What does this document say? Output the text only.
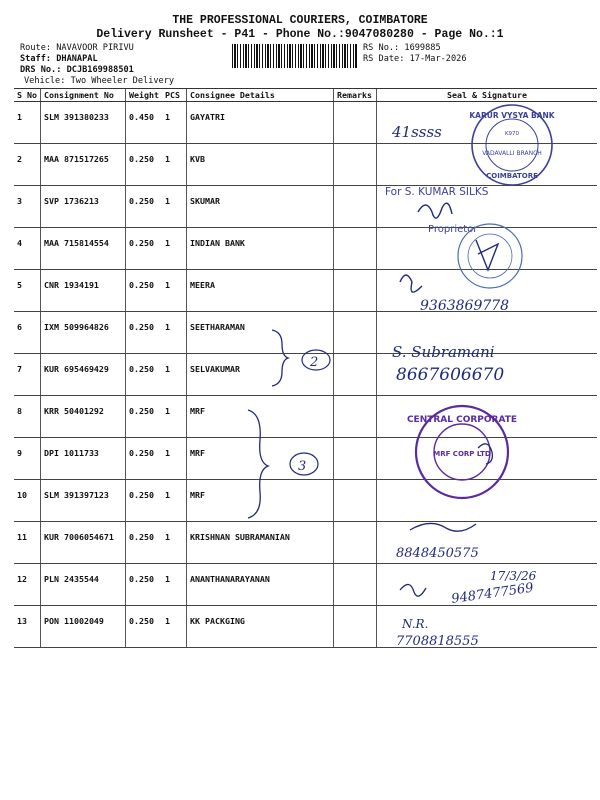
THE PROFESSIONAL COURIERS, COIMBATORE
Delivery Runsheet - P41 - Phone No.:9047080280 - Page No.:1
Route: NAVAVOOR PIRIVU
Staff: DHANAPAL
DRS No.: DCJB169988501
Vehicle: Two Wheeler Delivery
RS No.: 1699885
RS Date: 17-Mar-2026
S No	Consignment No	Weight	PCS	Consignee Details	Remarks	Seal & Signature
1	SLM 391380233	0.450	1	GAYATRI		
2	MAA 871517265	0.250	1	KVB		
3	SVP 1736213	0.250	1	SKUMAR		
4	MAA 715814554	0.250	1	INDIAN BANK		
5	CNR 1934191	0.250	1	MEERA		
6	IXM 509964826	0.250	1	SEETHARAMAN		
7	KUR 695469429	0.250	1	SELVAKUMAR		
8	KRR 50401292	0.250	1	MRF		
9	DPI 1011733	0.250	1	MRF		
10	SLM 391397123	0.250	1	MRF		
11	KUR 7006054671	0.250	1	KRISHNAN SUBRAMANIAN		
12	PLN 2435544	0.250	1	ANANTHANARAYANAN		
13	PON 11002049	0.250	1	KK PACKGING		
41ssss
KARUR VYSYA BANK
K970
VADAVALLI BRANCH
COIMBATORE
For S. KUMAR SILKS
Proprietor
9363869778
S. Subramani
8667606670
2
3
CENTRAL CORPORATE
MRF CORP LTD
8848450575
17/3/26
9487477569
N.R.
7708818555
